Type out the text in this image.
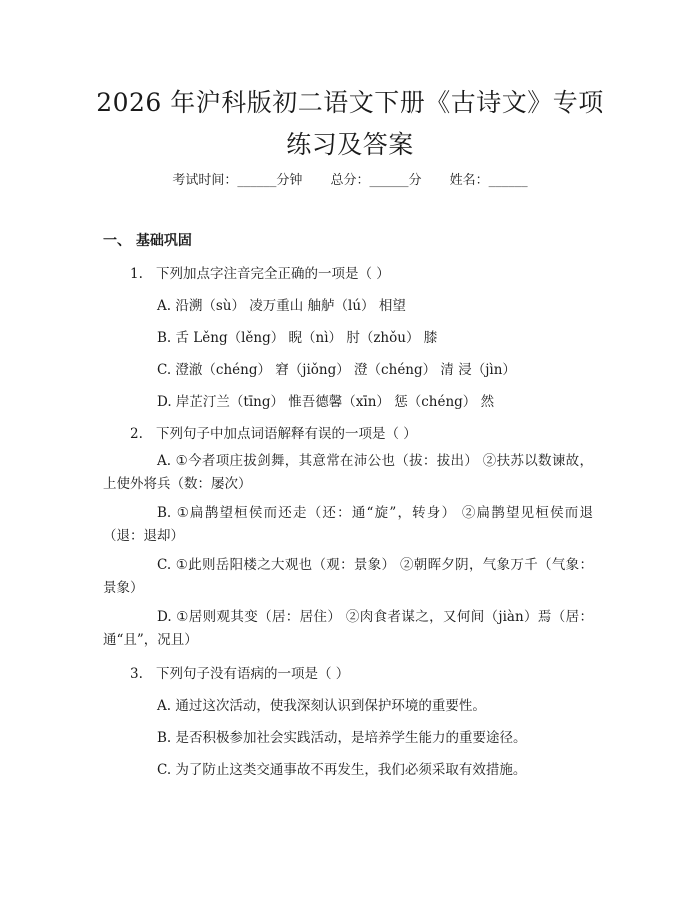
2026 年沪科版初二语文下册《古诗文》专项
练习及答案
考试时间：______分钟 总分：______分 姓名：______
一、 基础巩固
1. 下列加点字注音完全正确的一项是（ ）
A. 沿溯（sù） 凌万重山 舳舻（lú） 相望
B. 舌 Lěng（lěng） 睨（nì） 肘（zhǒu） 膝
C. 澄澈（chéng） 窘（jiǒng） 澄（chéng） 清 浸（jìn）
D. 岸芷汀兰（tīng） 惟吾德馨（xīn） 惩（chéng） 然
2. 下列句子中加点词语解释有误的一项是（ ）
A. ①今者项庄拔剑舞，其意常在沛公也（拔：拔出） ②扶苏以数谏故，上使外将兵（数：屡次）
B. ①扁鹊望桓侯而还走（还：通“旋”，转身） ②扁鹊望见桓侯而退（退：退却）
C. ①此则岳阳楼之大观也（观：景象） ②朝晖夕阴，气象万千（气象：景象）
D. ①居则观其变（居：居住） ②肉食者谋之，又何间（jiàn）焉（居：通“且”，况且）
3. 下列句子没有语病的一项是（ ）
A. 通过这次活动，使我深刻认识到保护环境的重要性。
B. 是否积极参加社会实践活动，是培养学生能力的重要途径。
C. 为了防止这类交通事故不再发生，我们必须采取有效措施。
